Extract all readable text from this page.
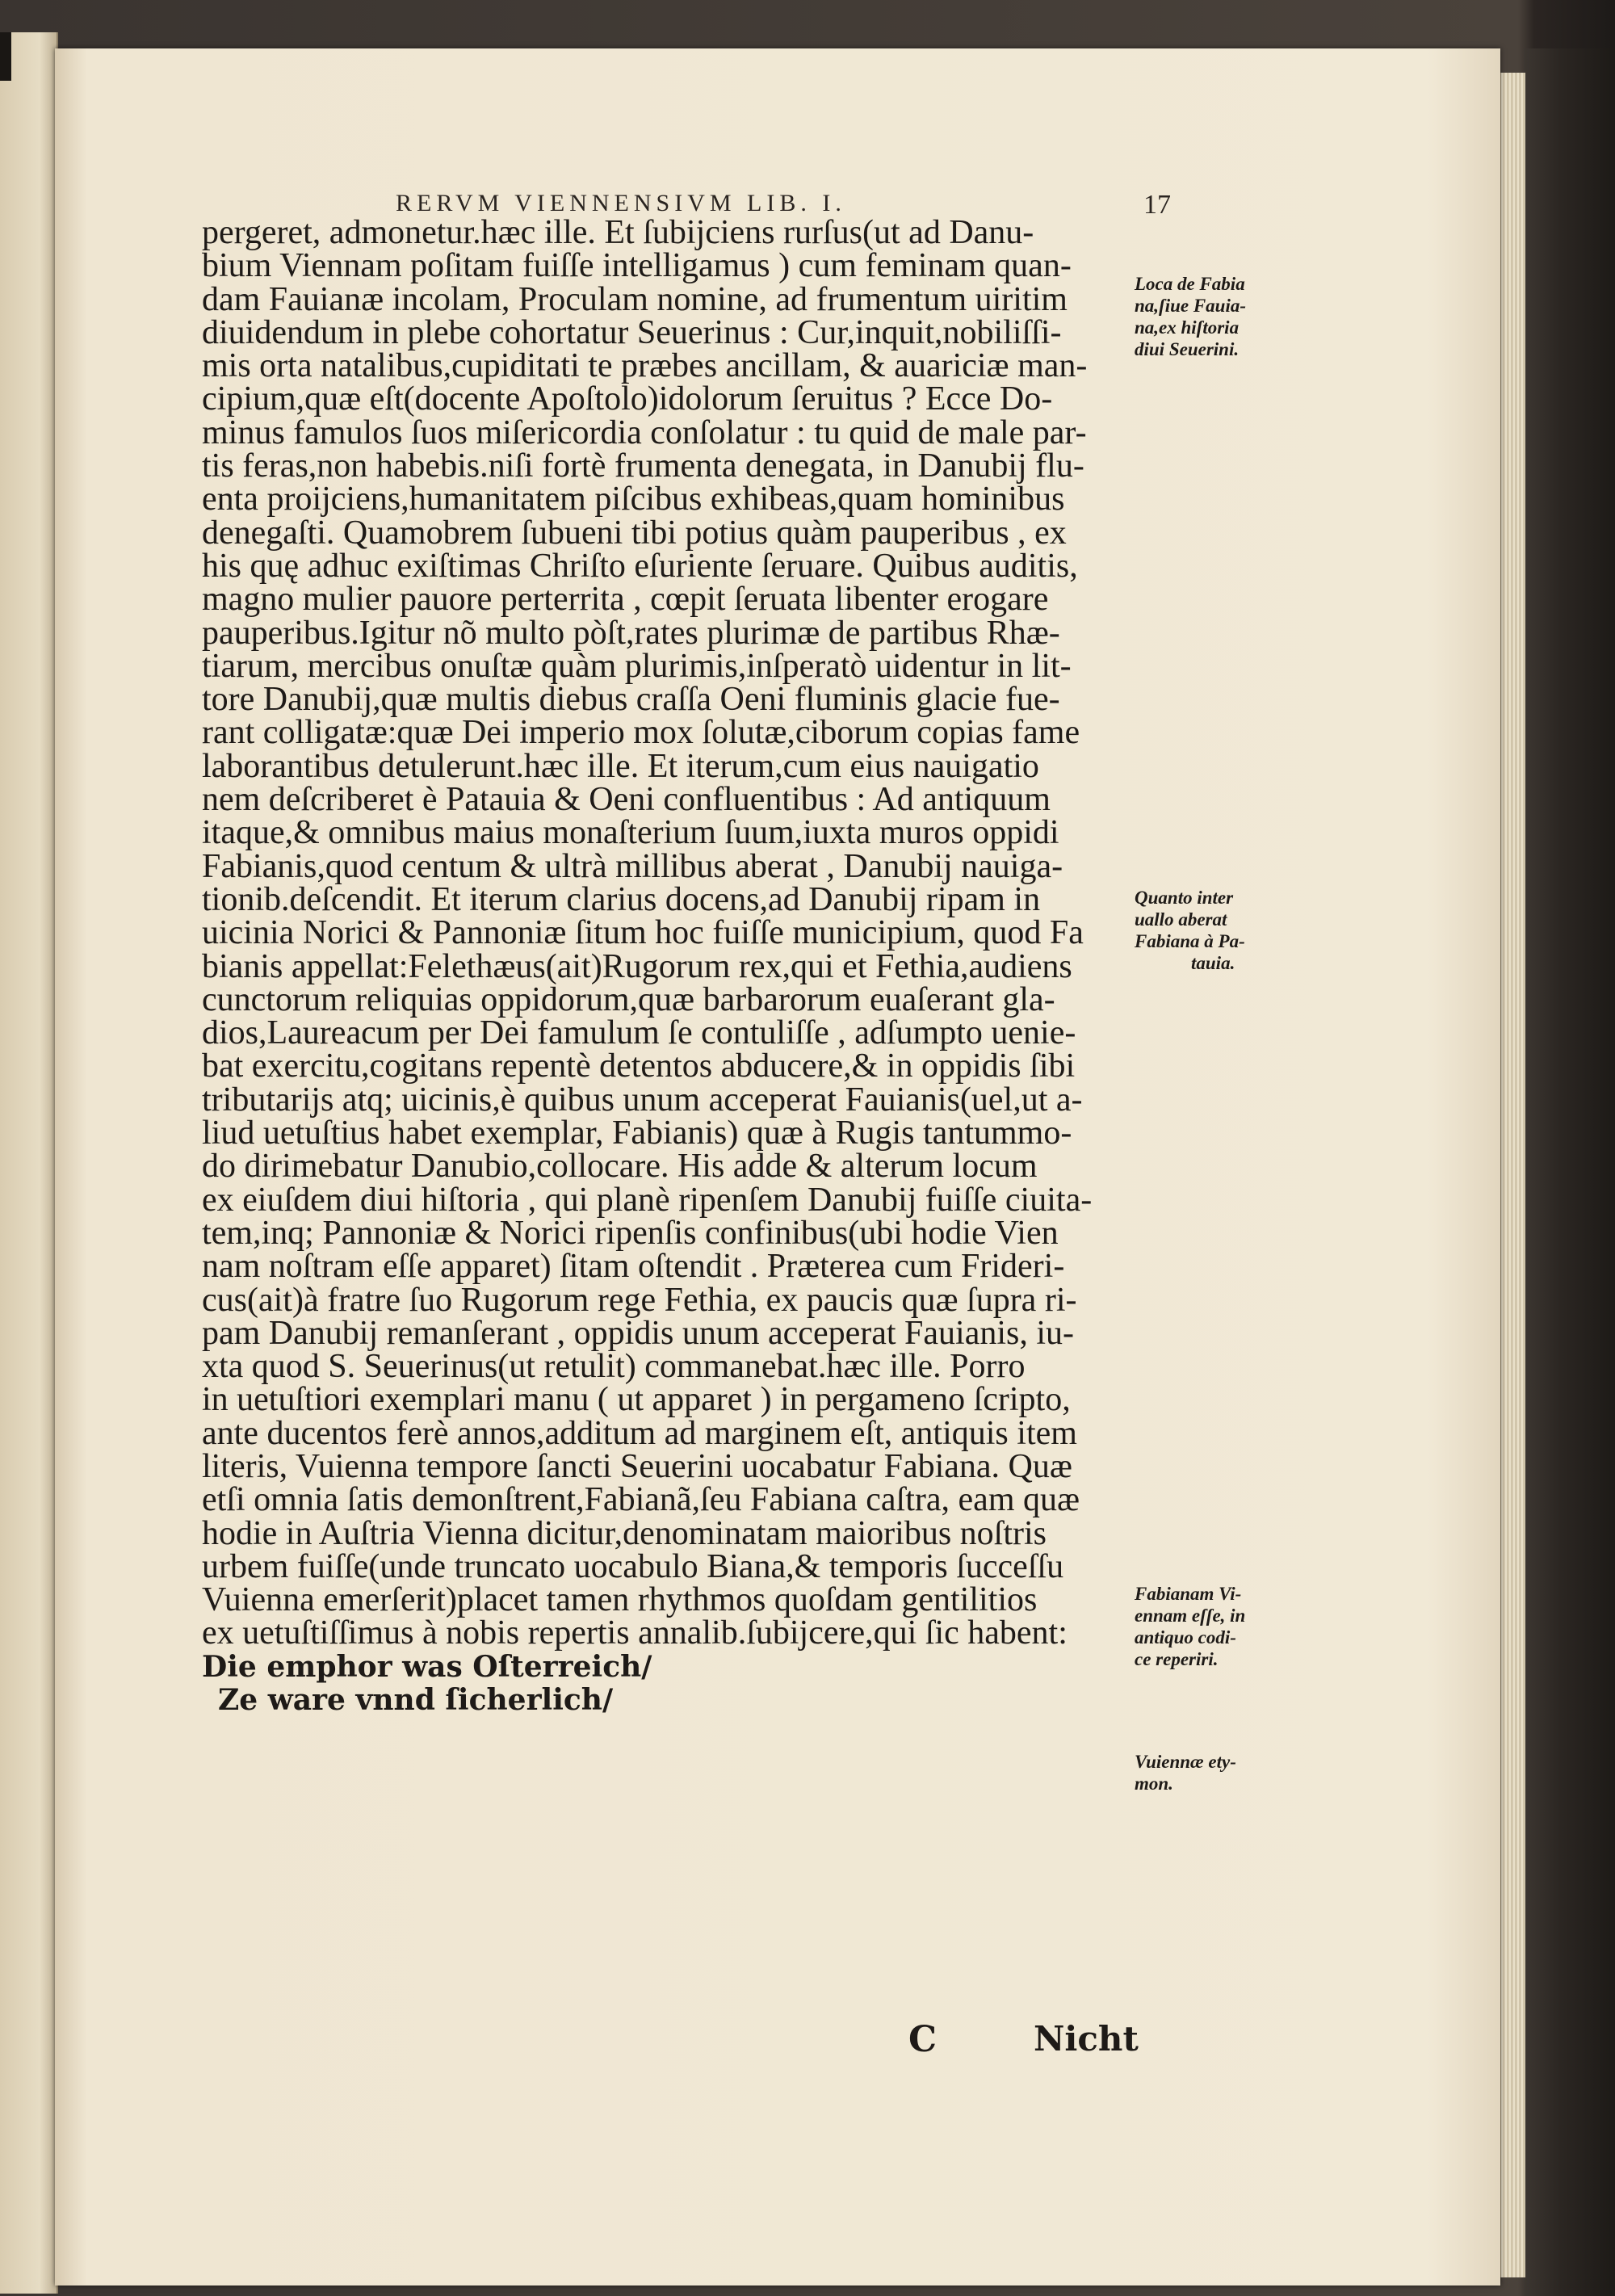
RERVM VIENNENSIVM LIB. I.	17
pergeret, admonetur.hæc ille. Et ſubijciens rurſus(ut ad Danu-
bium Viennam poſitam fuiſſe intelligamus ) cum feminam quan-
dam Fauianæ incolam, Proculam nomine, ad frumentum uiritim
diuidendum in plebe cohortatur Seuerinus : Cur,inquit,nobiliſſi-
mis orta natalibus,cupiditati te præbes ancillam, & auariciæ man-
cipium,quæ eſt(docente Apoſtolo)idolorum ſeruitus ? Ecce Do-
minus famulos ſuos miſericordia conſolatur : tu quid de male par-
tis feras,non habebis.niſi fortè frumenta denegata, in Danubij flu-
enta proijciens,humanitatem piſcibus exhibeas,quam hominibus
denegaſti. Quamobrem ſubueni tibi potius quàm pauperibus , ex
his quę adhuc exiſtimas Chriſto eſuriente ſeruare. Quibus auditis,
magno mulier pauore perterrita , cœpit ſeruata libenter erogare
pauperibus.Igitur nõ multo pòſt,rates plurimæ de partibus Rhæ-
tiarum, mercibus onuſtæ quàm plurimis,inſperatò uidentur in lit-
tore Danubij,quæ multis diebus craſſa Oeni fluminis glacie fue-
rant colligatæ:quæ Dei imperio mox ſolutæ,ciborum copias fame
laborantibus detulerunt.hæc ille. Et iterum,cum eius nauigatio
nem deſcriberet è Patauia & Oeni confluentibus : Ad antiquum
itaque,& omnibus maius monaſterium ſuum,iuxta muros oppidi
Fabianis,quod centum & ultrà millibus aberat , Danubij nauiga-
tionib.deſcendit. Et iterum clarius docens,ad Danubij ripam in
uicinia Norici & Pannoniæ ſitum hoc fuiſſe municipium, quod Fa
bianis appellat:Felethæus(ait)Rugorum rex,qui et Fethia,audiens
cunctorum reliquias oppidorum,quæ barbarorum euaſerant gla-
dios,Laureacum per Dei famulum ſe contuliſſe , adſumpto uenie-
bat exercitu,cogitans repentè detentos abducere,& in oppidis ſibi
tributarijs atq; uicinis,è quibus unum acceperat Fauianis(uel,ut a-
liud uetuſtius habet exemplar, Fabianis) quæ à Rugis tantummo-
do dirimebatur Danubio,collocare. His adde & alterum locum
ex eiuſdem diui hiſtoria , qui planè ripenſem Danubij fuiſſe ciuita-
tem,inq; Pannoniæ & Norici ripenſis confinibus(ubi hodie Vien
nam noſtram eſſe apparet) ſitam oſtendit . Præterea cum Frideri-
cus(ait)à fratre ſuo Rugorum rege Fethia, ex paucis quæ ſupra ri-
pam Danubij remanſerant , oppidis unum acceperat Fauianis, iu-
xta quod S. Seuerinus(ut retulit) commanebat.hæc ille. Porro
in uetuſtiori exemplari manu ( ut apparet ) in pergameno ſcripto,
ante ducentos ferè annos,additum ad marginem eſt, antiquis item
literis, Vuienna tempore ſancti Seuerini uocabatur Fabiana. Quæ
etſi omnia ſatis demonſtrent,Fabianã,ſeu Fabiana caſtra, eam quæ
hodie in Auſtria Vienna dicitur,denominatam maioribus noſtris
urbem fuiſſe(unde truncato uocabulo Biana,& temporis ſucceſſu
Vuienna emerſerit)placet tamen rhythmos quoſdam gentilitios
ex uetuſtiſſimus à nobis repertis annalib.ſubijcere,qui ſic habent:
Die emphor was Oſterreich/
Ze ware vnnd ſicherlich/
Loca de Fabia
na,ſiue Fauia-
na,ex hiſtoria
diui Seuerini.
Quanto inter
uallo aberat
Fabiana à Pa-
tauia.
Fabianam Vi-
ennam eſſe, in
antiquo codi-
ce reperiri.
Vuiennæ ety-
mon.
C	Nicht
